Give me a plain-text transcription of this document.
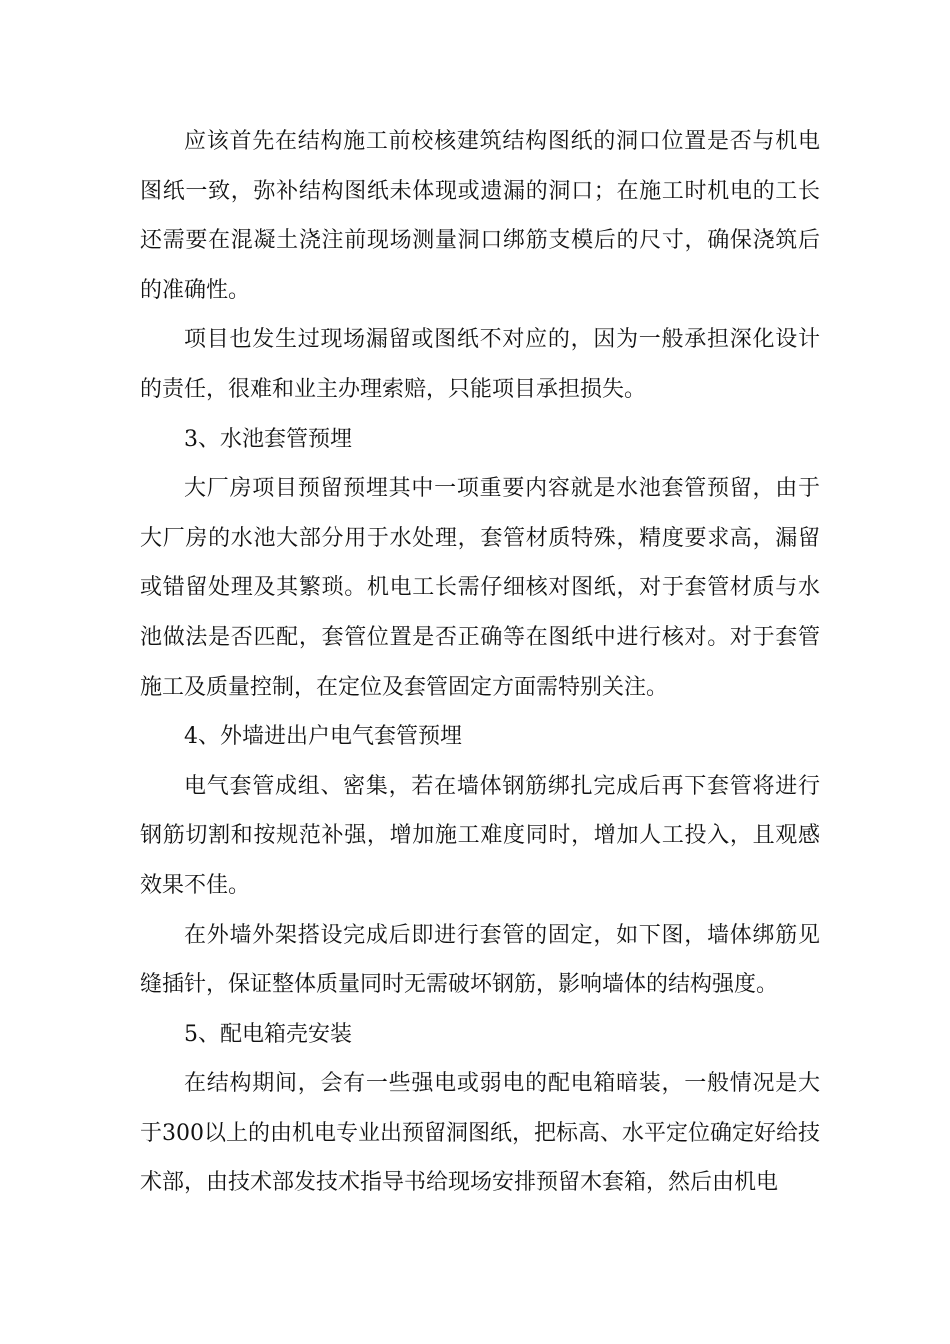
应该首先在结构施工前校核建筑结构图纸的洞口位置是否与机电图纸一致，弥补结构图纸未体现或遗漏的洞口；在施工时机电的工长还需要在混凝土浇注前现场测量洞口绑筋支模后的尺寸，确保浇筑后的准确性。

项目也发生过现场漏留或图纸不对应的，因为一般承担深化设计的责任，很难和业主办理索赔，只能项目承担损失。

3、水池套管预埋

大厂房项目预留预埋其中一项重要内容就是水池套管预留，由于大厂房的水池大部分用于水处理，套管材质特殊，精度要求高，漏留或错留处理及其繁琐。机电工长需仔细核对图纸，对于套管材质与水池做法是否匹配，套管位置是否正确等在图纸中进行核对。对于套管施工及质量控制，在定位及套管固定方面需特别关注。

4、外墙进出户电气套管预埋

电气套管成组、密集，若在墙体钢筋绑扎完成后再下套管将进行钢筋切割和按规范补强，增加施工难度同时，增加人工投入，且观感效果不佳。

在外墙外架搭设完成后即进行套管的固定，如下图，墙体绑筋见缝插针，保证整体质量同时无需破坏钢筋，影响墙体的结构强度。

5、配电箱壳安装

在结构期间，会有一些强电或弱电的配电箱暗装，一般情况是大于300以上的由机电专业出预留洞图纸，把标高、水平定位确定好给技术部，由技术部发技术指导书给现场安排预留木套箱，然后由机电
